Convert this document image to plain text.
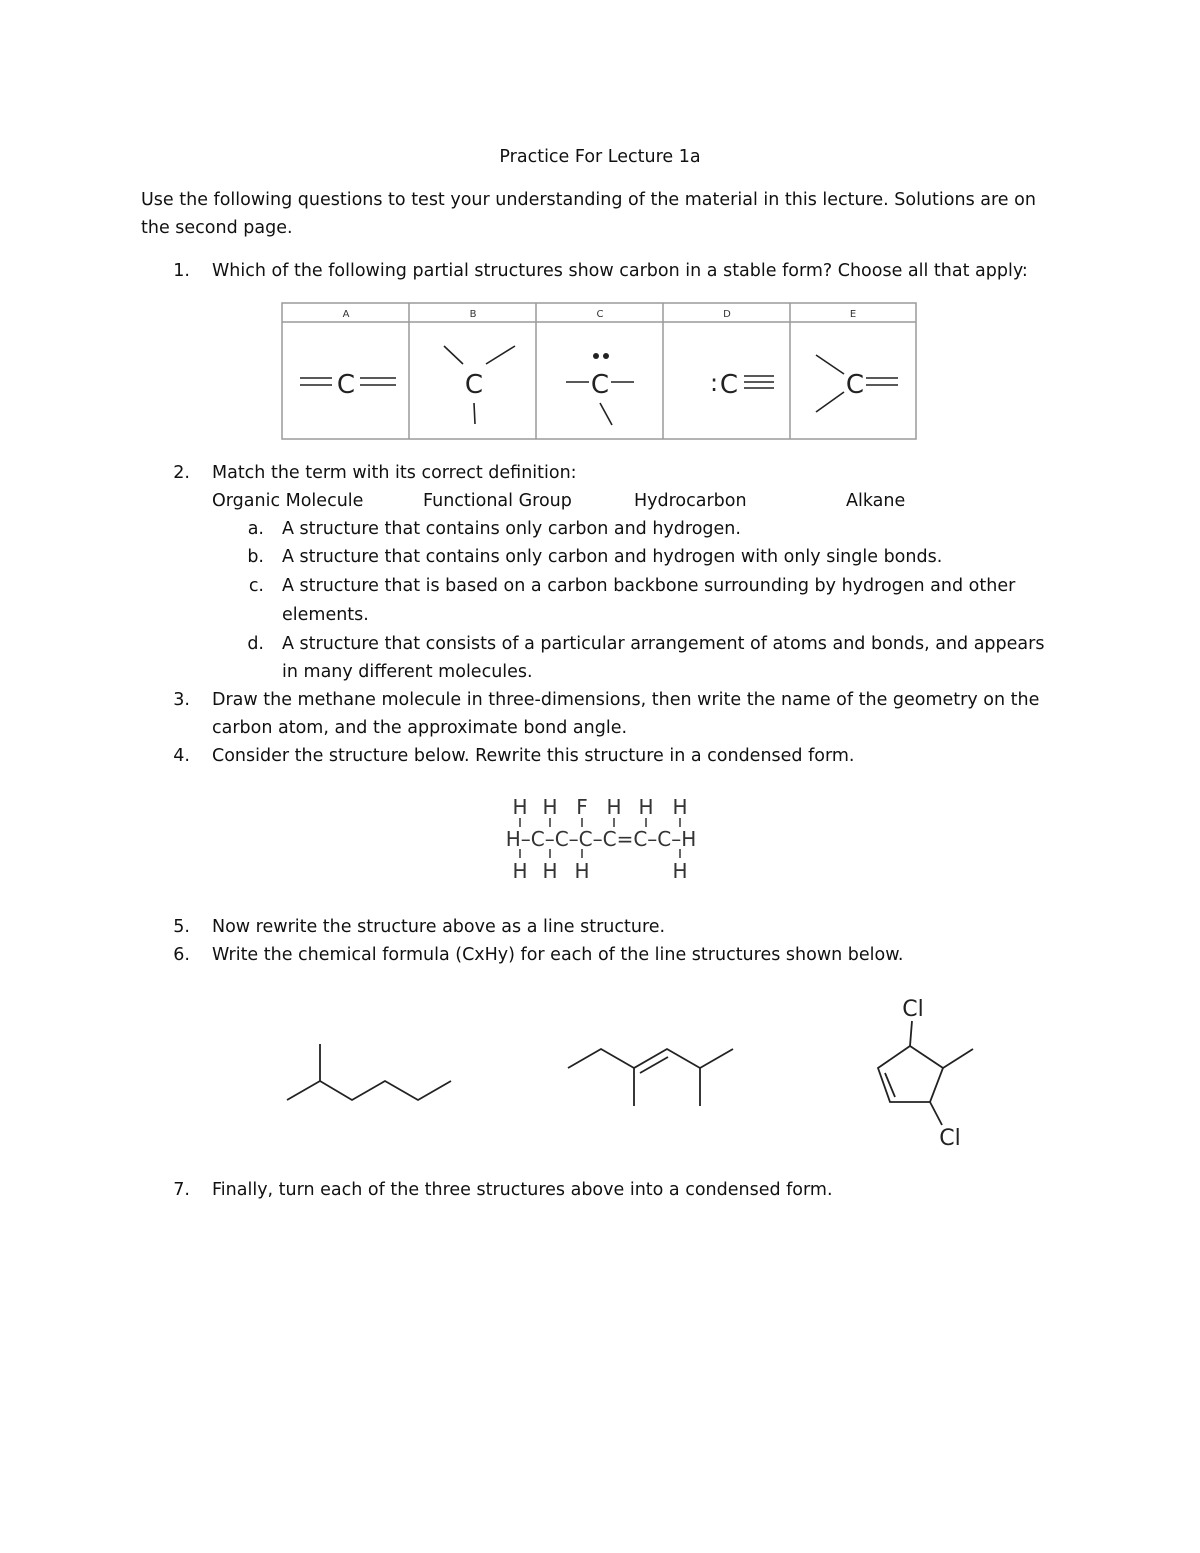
Practice For Lecture 1a
Use the following questions to test your understanding of the material in this lecture. Solutions are on
the second page.
1. Which of the following partial structures show carbon in a stable form? Choose all that apply:
A	B	C	D	E
C	C	C	: C	C
2. Match the term with its correct definition:
Organic Molecule	Functional Group	Hydrocarbon	Alkane
a. A structure that contains only carbon and hydrogen.
b. A structure that contains only carbon and hydrogen with only single bonds.
c. A structure that is based on a carbon backbone surrounding by hydrogen and other
elements.
d. A structure that consists of a particular arrangement of atoms and bonds, and appears
in many different molecules.
3. Draw the methane molecule in three-dimensions, then write the name of the geometry on the
carbon atom, and the approximate bond angle.
4. Consider the structure below. Rewrite this structure in a condensed form.
H H F H H H
H–C–C–C–C=C–C–H
H H H	H
5. Now rewrite the structure above as a line structure.
6. Write the chemical formula (CxHy) for each of the line structures shown below.
Cl
Cl
7. Finally, turn each of the three structures above into a condensed form.
